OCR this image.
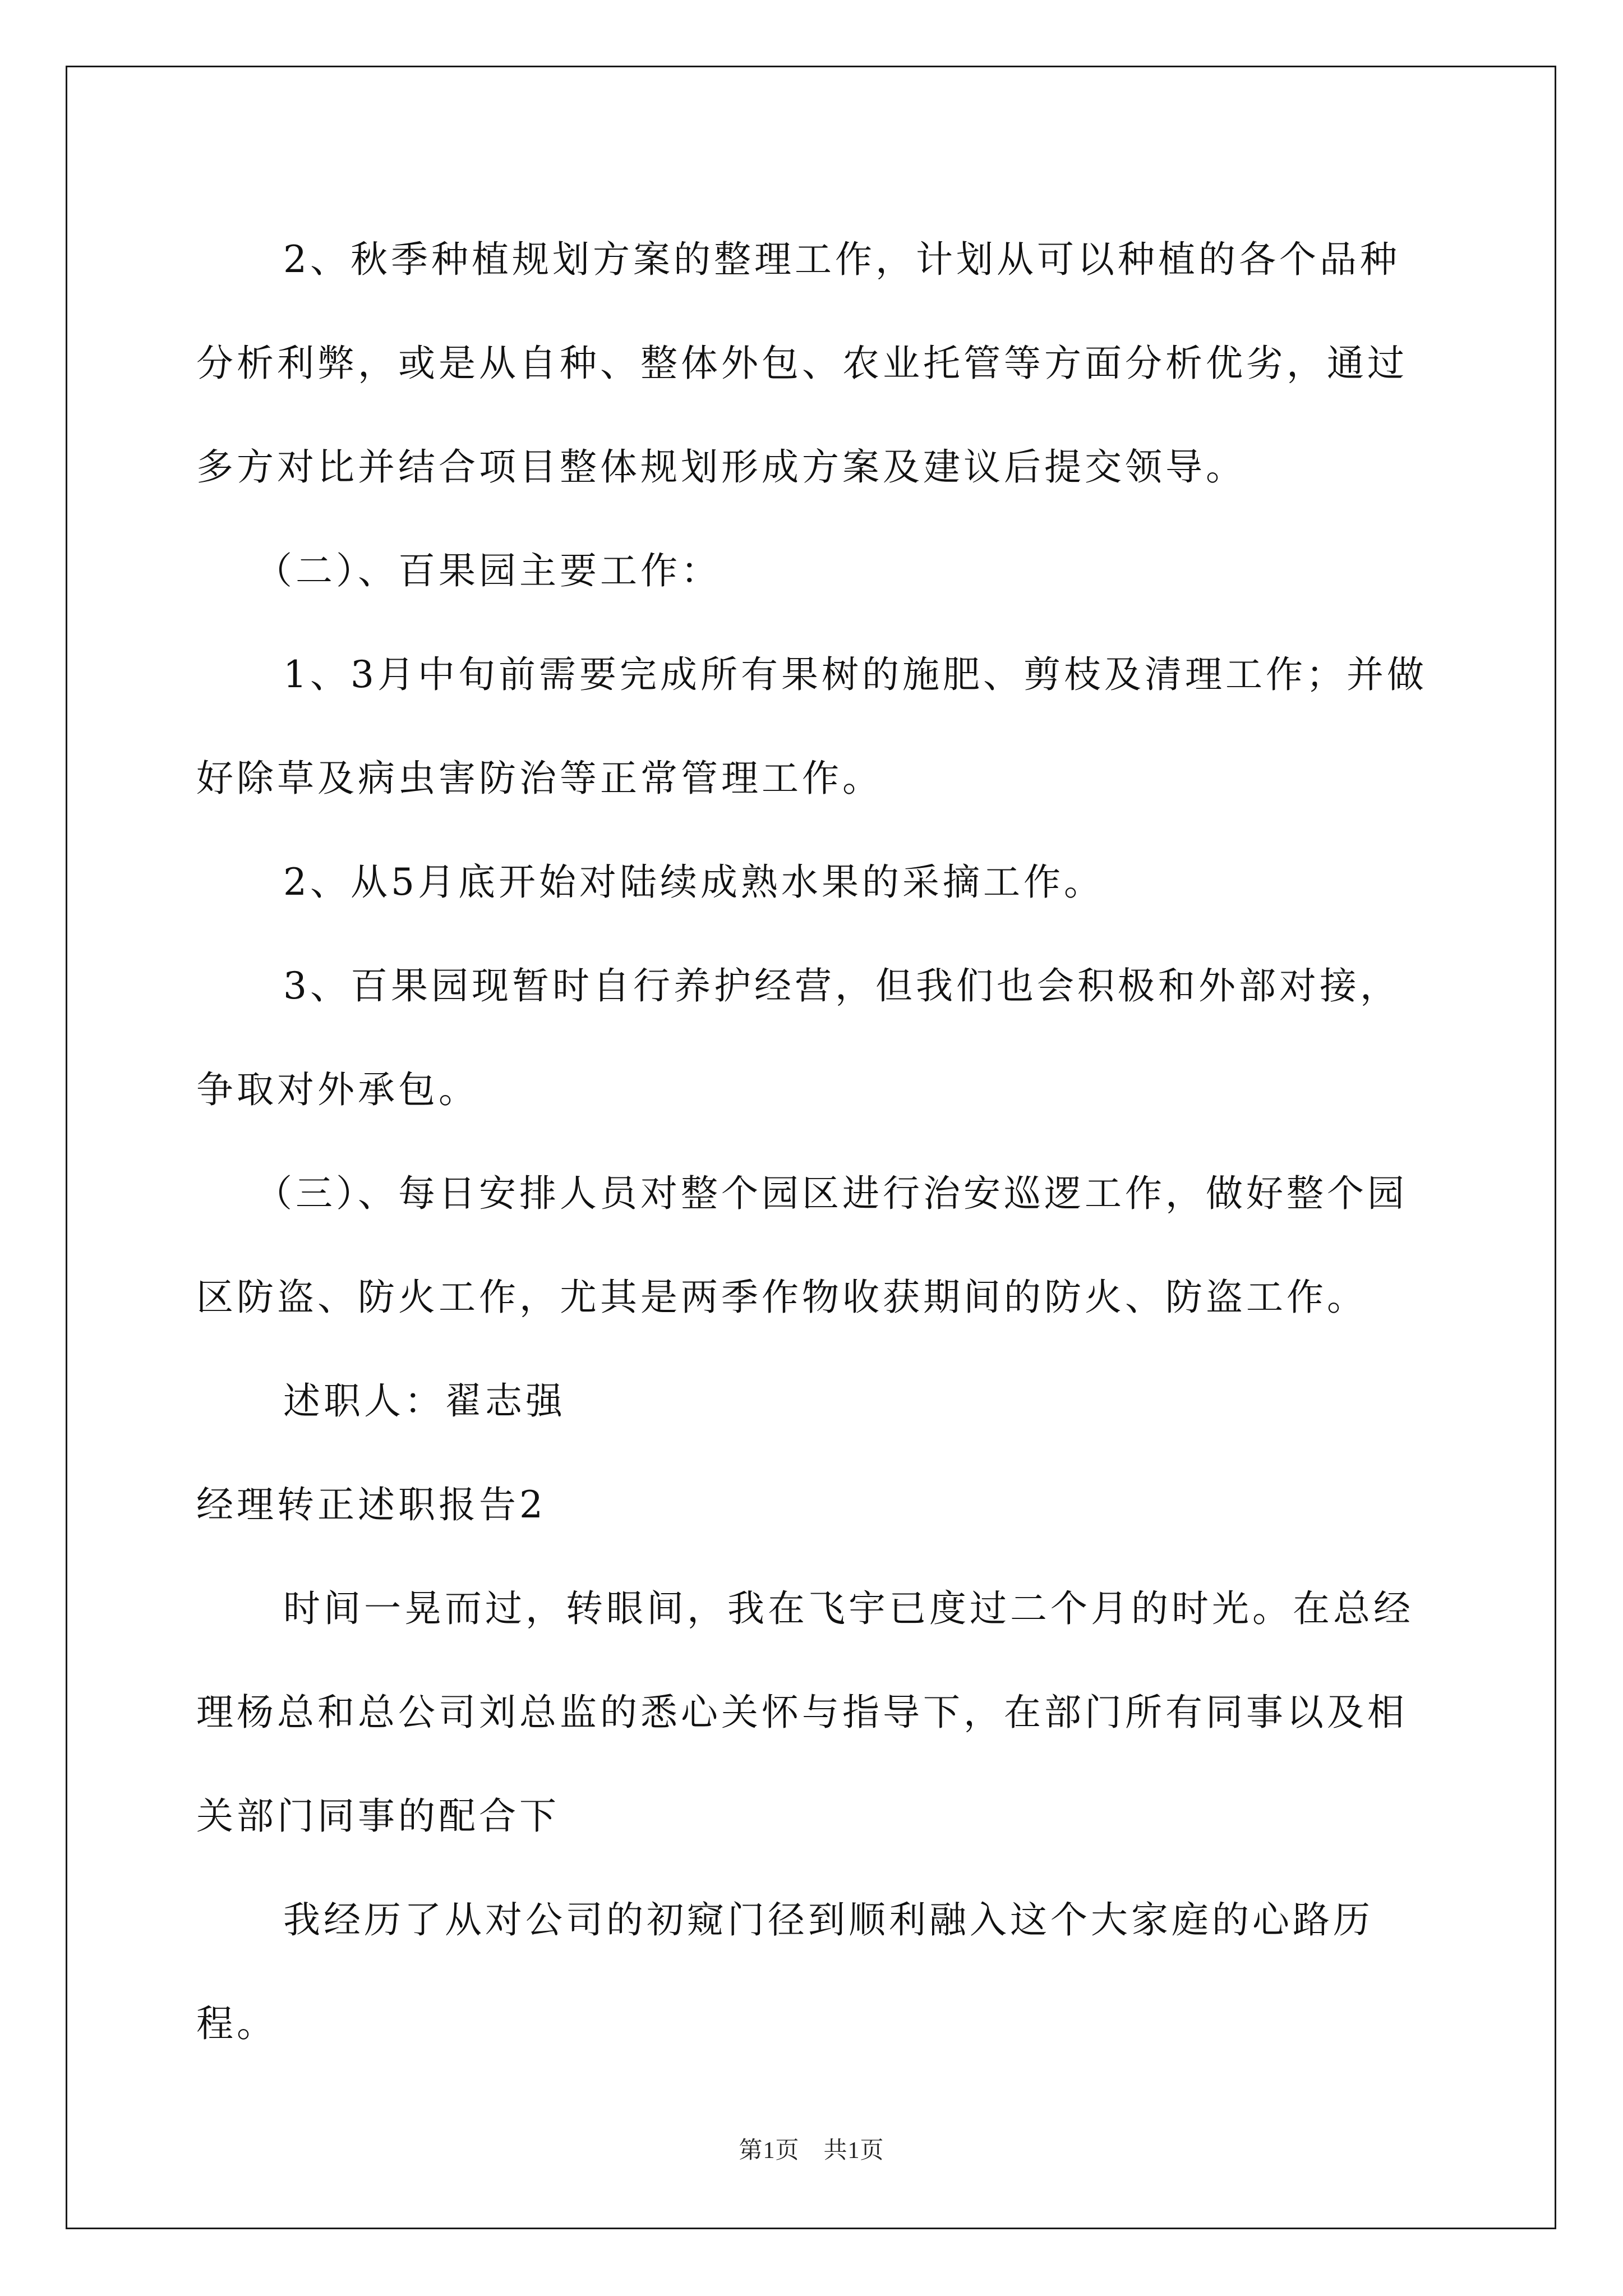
2、秋季种植规划方案的整理工作，计划从可以种植的各个品种分析利弊，或是从自种、整体外包、农业托管等方面分析优劣，通过多方对比并结合项目整体规划形成方案及建议后提交领导。

（二）、百果园主要工作：

1、3月中旬前需要完成所有果树的施肥、剪枝及清理工作；并做好除草及病虫害防治等正常管理工作。

2、从5月底开始对陆续成熟水果的采摘工作。

3、百果园现暂时自行养护经营，但我们也会积极和外部对接，争取对外承包。

（三）、每日安排人员对整个园区进行治安巡逻工作，做好整个园区防盗、防火工作，尤其是两季作物收获期间的防火、防盗工作。

述职人：翟志强

经理转正述职报告2

时间一晃而过，转眼间，我在飞宇已度过二个月的时光。在总经理杨总和总公司刘总监的悉心关怀与指导下，在部门所有同事以及相关部门同事的配合下

我经历了从对公司的初窥门径到顺利融入这个大家庭的心路历程。

第1页　共1页
